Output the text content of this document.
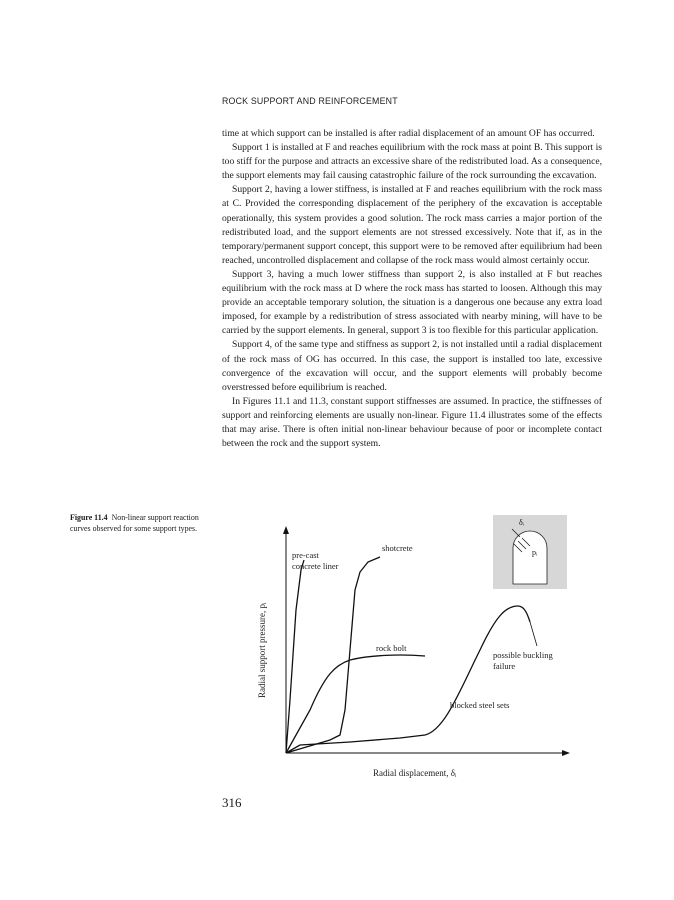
ROCK SUPPORT AND REINFORCEMENT

time at which support can be installed is after radial displacement of an amount OF has occurred.

Support 1 is installed at F and reaches equilibrium with the rock mass at point B. This support is too stiff for the purpose and attracts an excessive share of the redistributed load. As a consequence, the support elements may fail causing catastrophic failure of the rock surrounding the excavation.

Support 2, having a lower stiffness, is installed at F and reaches equilibrium with the rock mass at C. Provided the corresponding displacement of the periphery of the excavation is acceptable operationally, this system provides a good solution. The rock mass carries a major portion of the redistributed load, and the support elements are not stressed excessively. Note that if, as in the temporary/permanent support concept, this support were to be removed after equilibrium had been reached, uncontrolled displacement and collapse of the rock mass would almost certainly occur.

Support 3, having a much lower stiffness than support 2, is also installed at F but reaches equilibrium with the rock mass at D where the rock mass has started to loosen. Although this may provide an acceptable temporary solution, the situation is a dangerous one because any extra load imposed, for example by a redistribution of stress associated with nearby mining, will have to be carried by the support elements. In general, support 3 is too flexible for this particular application.

Support 4, of the same type and stiffness as support 2, is not installed until a radial displacement of the rock mass of OG has occurred. In this case, the support is installed too late, excessive convergence of the excavation will occur, and the support elements will probably become overstressed before equilibrium is reached.

In Figures 11.1 and 11.3, constant support stiffnesses are assumed. In practice, the stiffnesses of support and reinforcing elements are usually non-linear. Figure 11.4 illustrates some of the effects that may arise. There is often initial non-linear behaviour because of poor or incomplete contact between the rock and the support system.

Figure 11.4 Non-linear support reaction curves observed for some support types.
Radial support pressure, pᵢ
Radial displacement, δᵢ
pre-cast concrete liner
shotcrete
rock bolt
blocked steel sets
possible buckling failure
δᵢ
pᵢ
316
